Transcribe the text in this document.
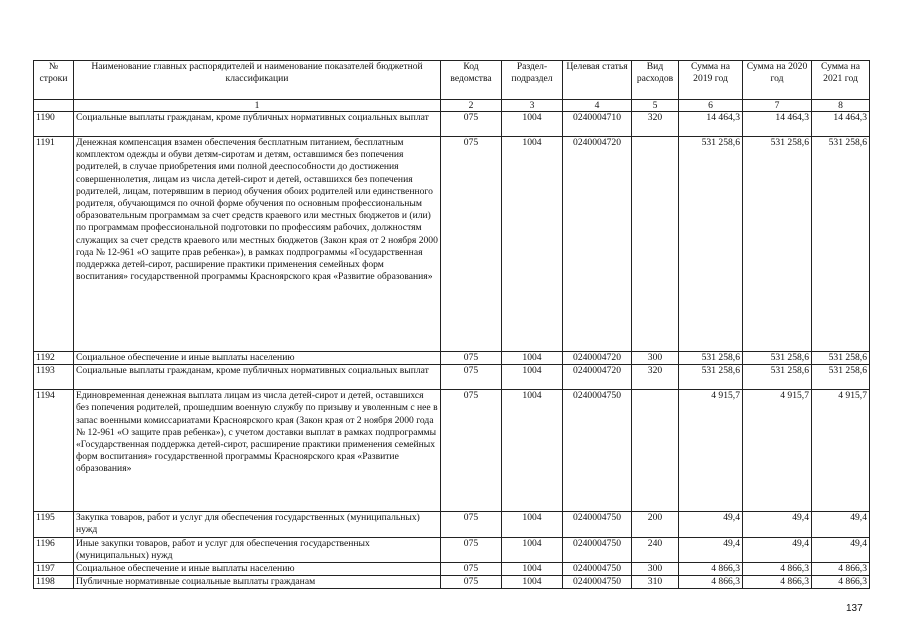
№ строки	Наименование главных распорядителей и наименование показателей бюджетной классификации	Код ведомства	Раздел-подраздел	Целевая статья	Вид расходов	Сумма на 2019 год	Сумма на 2020 год	Сумма на 2021 год
	1	2	3	4	5	6	7	8
1190	Социальные выплаты гражданам, кроме публичных нормативных социальных выплат	075	1004	0240004710	320	14 464,3	14 464,3	14 464,3
1191	Денежная компенсация взамен обеспечения бесплатным питанием, бесплатным комплектом одежды и обуви детям-сиротам и детям, оставшимся без попечения родителей, в случае приобретения ими полной дееспособности до достижения совершеннолетия, лицам из числа детей-сирот и детей, оставшихся без попечения родителей, лицам, потерявшим в период обучения обоих родителей или единственного родителя, обучающимся по очной форме обучения по основным профессиональным образовательным программам за счет средств краевого или местных бюджетов и (или) по программам профессиональной подготовки по профессиям рабочих, должностям служащих за счет средств краевого или местных бюджетов (Закон края от 2 ноября 2000 года № 12-961 «О защите прав ребенка»), в рамках подпрограммы «Государственная поддержка детей-сирот, расширение практики применения семейных форм воспитания» государственной программы Красноярского края «Развитие образования»	075	1004	0240004720		531 258,6	531 258,6	531 258,6
1192	Социальное обеспечение и иные выплаты населению	075	1004	0240004720	300	531 258,6	531 258,6	531 258,6
1193	Социальные выплаты гражданам, кроме публичных нормативных социальных выплат	075	1004	0240004720	320	531 258,6	531 258,6	531 258,6
1194	Единовременная денежная выплата лицам из числа детей-сирот и детей, оставшихся без попечения родителей, прошедшим военную службу по призыву и уволенным с нее в запас военными комиссариатами Красноярского края (Закон края от 2 ноября 2000 года № 12-961 «О защите прав ребенка»), с учетом доставки выплат в рамках подпрограммы «Государственная поддержка детей-сирот, расширение практики применения семейных форм воспитания» государственной программы Красноярского края «Развитие образования»	075	1004	0240004750		4 915,7	4 915,7	4 915,7
1195	Закупка товаров, работ и услуг для обеспечения государственных (муниципальных) нужд	075	1004	0240004750	200	49,4	49,4	49,4
1196	Иные закупки товаров, работ и услуг для обеспечения государственных (муниципальных) нужд	075	1004	0240004750	240	49,4	49,4	49,4
1197	Социальное обеспечение и иные выплаты населению	075	1004	0240004750	300	4 866,3	4 866,3	4 866,3
1198	Публичные нормативные социальные выплаты гражданам	075	1004	0240004750	310	4 866,3	4 866,3	4 866,3
137
